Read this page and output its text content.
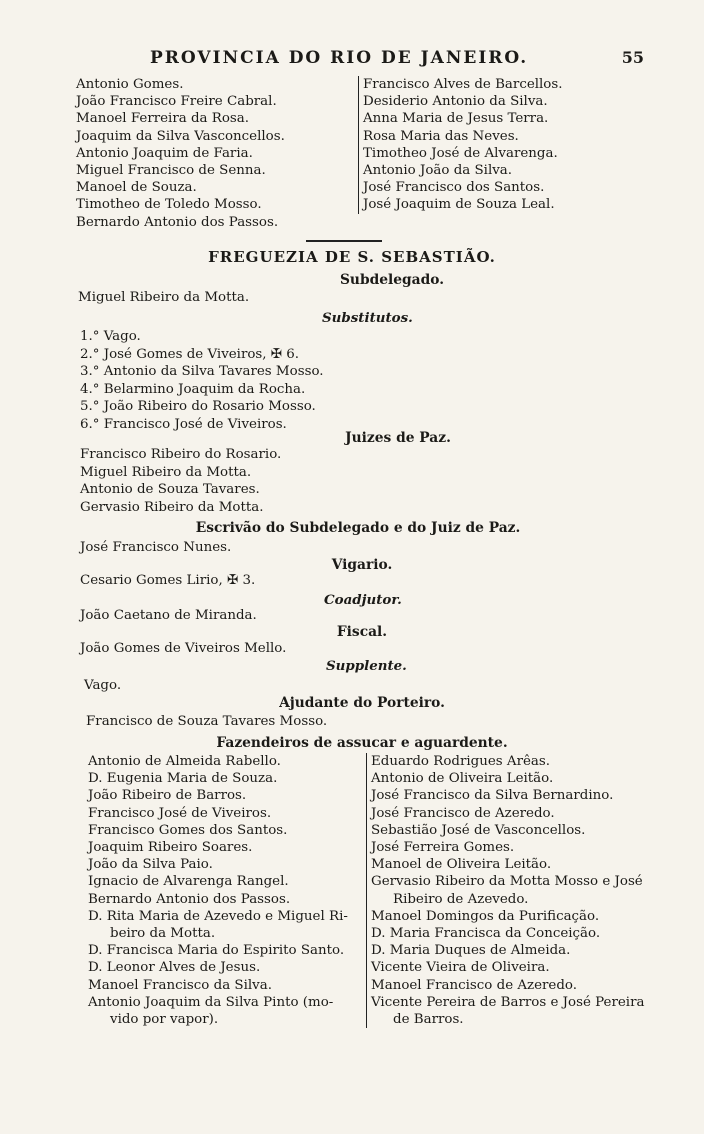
PROVINCIA DO RIO DE JANEIRO.	55
Antonio Gomes.
João Francisco Freire Cabral.
Manoel Ferreira da Rosa.
Joaquim da Silva Vasconcellos.
Antonio Joaquim de Faria.
Miguel Francisco de Senna.
Manoel de Souza.
Timotheo de Toledo Mosso.
Bernardo Antonio dos Passos.
Francisco Alves de Barcellos.
Desiderio Antonio da Silva.
Anna Maria de Jesus Terra.
Rosa Maria das Neves.
Timotheo José de Alvarenga.
Antonio João da Silva.
José Francisco dos Santos.
José Joaquim de Souza Leal.
FREGUEZIA DE S. SEBASTIÃO.
Subdelegado.
Miguel Ribeiro da Motta.
Substitutos.
1.° Vago.
2.° José Gomes de Viveiros, ✠ 6.
3.° Antonio da Silva Tavares Mosso.
4.° Belarmino Joaquim da Rocha.
5.° João Ribeiro do Rosario Mosso.
6.° Francisco José de Viveiros.
Juizes de Paz.
Francisco Ribeiro do Rosario.
Miguel Ribeiro da Motta.
Antonio de Souza Tavares.
Gervasio Ribeiro da Motta.
Escrivão do Subdelegado e do Juiz de Paz.
José Francisco Nunes.
Vigario.
Cesario Gomes Lirio, ✠ 3.
Coadjutor.
João Caetano de Miranda.
Fiscal.
João Gomes de Viveiros Mello.
Supplente.
Vago.
Ajudante do Porteiro.
Francisco de Souza Tavares Mosso.
Fazendeiros de assucar e aguardente.
Antonio de Almeida Rabello.
D. Eugenia Maria de Souza.
João Ribeiro de Barros.
Francisco José de Viveiros.
Francisco Gomes dos Santos.
Joaquim Ribeiro Soares.
João da Silva Paio.
Ignacio de Alvarenga Rangel.
Bernardo Antonio dos Passos.
D. Rita Maria de Azevedo e Miguel Ri-
beiro da Motta.
D. Francisca Maria do Espirito Santo.
D. Leonor Alves de Jesus.
Manoel Francisco da Silva.
Antonio Joaquim da Silva Pinto (mo-
vido por vapor).
Eduardo Rodrigues Arêas.
Antonio de Oliveira Leitão.
José Francisco da Silva Bernardino.
José Francisco de Azeredo.
Sebastião José de Vasconcellos.
José Ferreira Gomes.
Manoel de Oliveira Leitão.
Gervasio Ribeiro da Motta Mosso e José
Ribeiro de Azevedo.
Manoel Domingos da Purificação.
D. Maria Francisca da Conceição.
D. Maria Duques de Almeida.
Vicente Vieira de Oliveira.
Manoel Francisco de Azeredo.
Vicente Pereira de Barros e José Pereira
de Barros.
